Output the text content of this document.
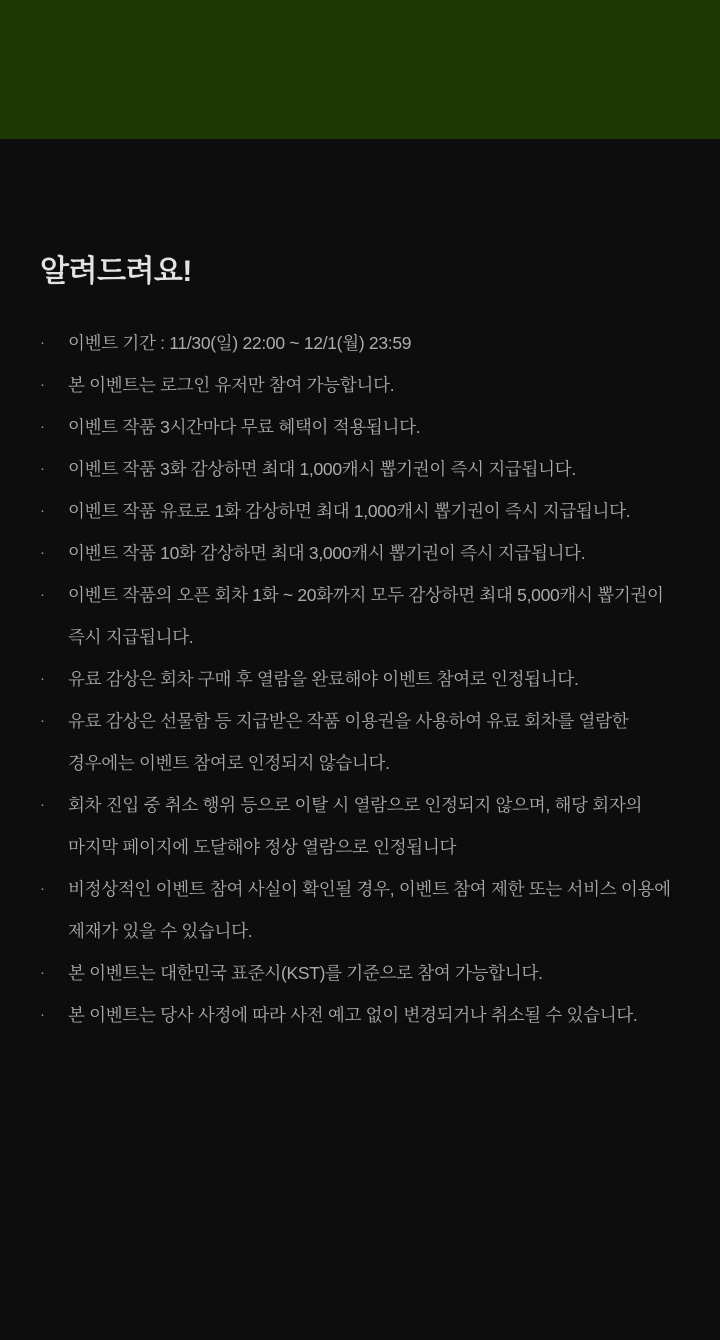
알려드려요!
·	이벤트 기간 : 11/30(일) 22:00 ~ 12/1(월) 23:59
·	본 이벤트는 로그인 유저만 참여 가능합니다.
·	이벤트 작품 3시간마다 무료 혜택이 적용됩니다.
·	이벤트 작품 3화 감상하면 최대 1,000캐시 뽑기권이 즉시 지급됩니다.
·	이벤트 작품 유료로 1화 감상하면 최대 1,000캐시 뽑기권이 즉시 지급됩니다.
·	이벤트 작품 10화 감상하면 최대 3,000캐시 뽑기권이 즉시 지급됩니다.
·	이벤트 작품의 오픈 회차 1화 ~ 20화까지 모두 감상하면 최대 5,000캐시 뽑기권이 즉시 지급됩니다.
·	유료 감상은 회차 구매 후 열람을 완료해야 이벤트 참여로 인정됩니다.
·	유료 감상은 선물함 등 지급받은 작품 이용권을 사용하여 유료 회차를 열람한 경우에는 이벤트 참여로 인정되지 않습니다.
·	회차 진입 중 취소 행위 등으로 이탈 시 열람으로 인정되지 않으며, 해당 회자의 마지막 페이지에 도달해야 정상 열람으로 인정됩니다
·	비정상적인 이벤트 참여 사실이 확인될 경우, 이벤트 참여 제한 또는 서비스 이용에 제재가 있을 수 있습니다.
·	본 이벤트는 대한민국 표준시(KST)를 기준으로 참여 가능합니다.
·	본 이벤트는 당사 사정에 따라 사전 예고 없이 변경되거나 취소될 수 있습니다.
